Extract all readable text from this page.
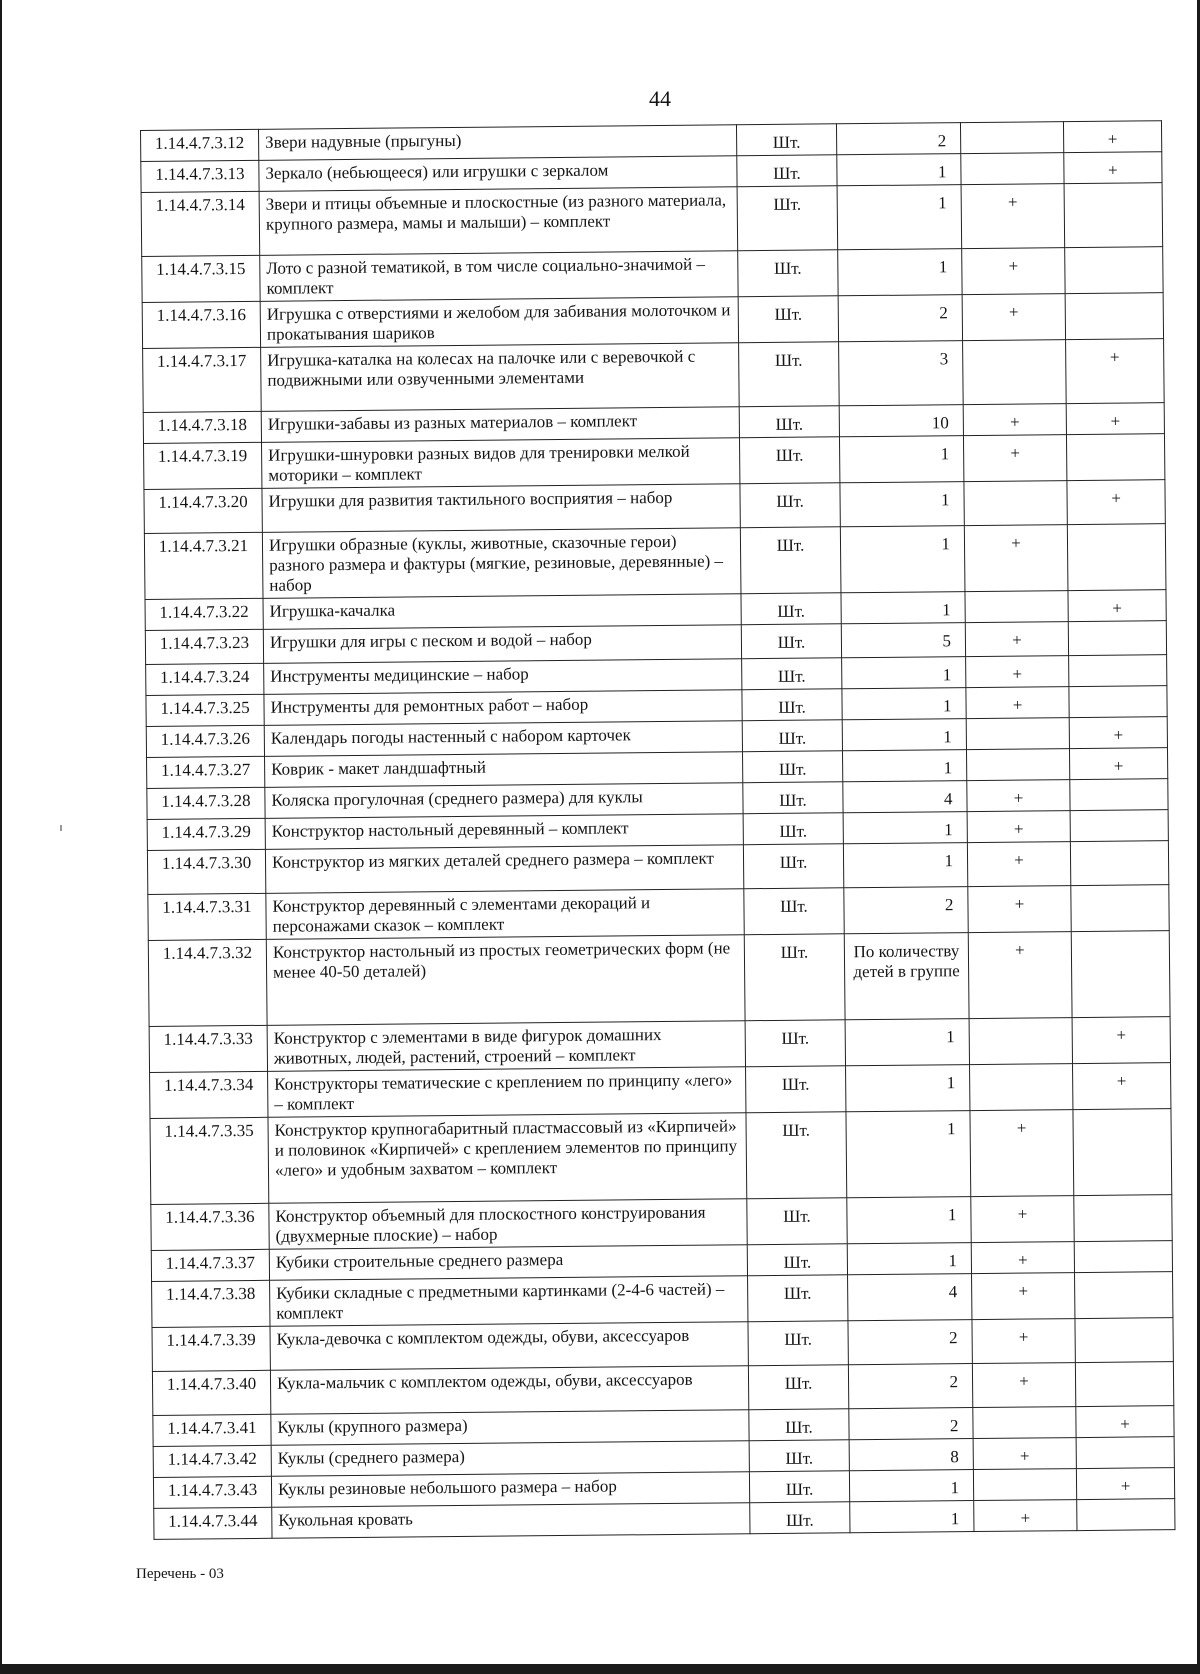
44
1.14.4.7.3.12	Звери надувные (прыгуны)	Шт.	2		+
1.14.4.7.3.13	Зеркало (небьющееся) или игрушки с зеркалом	Шт.	1		+
1.14.4.7.3.14	Звери и птицы объемные и плоскостные (из разного материала, крупного размера, мамы и малыши) – комплект	Шт.	1	+	
1.14.4.7.3.15	Лото с разной тематикой, в том числе социально-значимой – комплект	Шт.	1	+	
1.14.4.7.3.16	Игрушка с отверстиями и желобом для забивания молоточком и прокатывания шариков	Шт.	2	+	
1.14.4.7.3.17	Игрушка-каталка на колесах на палочке или с веревочкой с подвижными или озвученными элементами	Шт.	3		+
1.14.4.7.3.18	Игрушки-забавы из разных материалов – комплект	Шт.	10	+	+
1.14.4.7.3.19	Игрушки-шнуровки разных видов для тренировки мелкой моторики – комплект	Шт.	1	+	
1.14.4.7.3.20	Игрушки для развития тактильного восприятия – набор	Шт.	1		+
1.14.4.7.3.21	Игрушки образные (куклы, животные, сказочные герои) разного размера и фактуры (мягкие, резиновые, деревянные) – набор	Шт.	1	+	
1.14.4.7.3.22	Игрушка-качалка	Шт.	1		+
1.14.4.7.3.23	Игрушки для игры с песком и водой – набор	Шт.	5	+	
1.14.4.7.3.24	Инструменты медицинские – набор	Шт.	1	+	
1.14.4.7.3.25	Инструменты для ремонтных работ – набор	Шт.	1	+	
1.14.4.7.3.26	Календарь погоды настенный с набором карточек	Шт.	1		+
1.14.4.7.3.27	Коврик - макет ландшафтный	Шт.	1		+
1.14.4.7.3.28	Коляска прогулочная (среднего размера) для куклы	Шт.	4	+	
1.14.4.7.3.29	Конструктор настольный деревянный – комплект	Шт.	1	+	
1.14.4.7.3.30	Конструктор из мягких деталей среднего размера – комплект	Шт.	1	+	
1.14.4.7.3.31	Конструктор деревянный с элементами декораций и персонажами сказок – комплект	Шт.	2	+	
1.14.4.7.3.32	Конструктор настольный из простых геометрических форм (не менее 40-50 деталей)	Шт.	По количеству детей в группе	+	
1.14.4.7.3.33	Конструктор с элементами в виде фигурок домашних животных, людей, растений, строений – комплект	Шт.	1		+
1.14.4.7.3.34	Конструкторы тематические с креплением по принципу «лего» – комплект	Шт.	1		+
1.14.4.7.3.35	Конструктор крупногабаритный пластмассовый из «Кирпичей» и половинок «Кирпичей» с креплением элементов по принципу «лего» и удобным захватом – комплект	Шт.	1	+	
1.14.4.7.3.36	Конструктор объемный для плоскостного конструирования (двухмерные плоские) – набор	Шт.	1	+	
1.14.4.7.3.37	Кубики строительные среднего размера	Шт.	1	+	
1.14.4.7.3.38	Кубики складные с предметными картинками (2-4-6 частей) – комплект	Шт.	4	+	
1.14.4.7.3.39	Кукла-девочка с комплектом одежды, обуви, аксессуаров	Шт.	2	+	
1.14.4.7.3.40	Кукла-мальчик с комплектом одежды, обуви, аксессуаров	Шт.	2	+	
1.14.4.7.3.41	Куклы (крупного размера)	Шт.	2		+
1.14.4.7.3.42	Куклы (среднего размера)	Шт.	8	+	
1.14.4.7.3.43	Куклы резиновые небольшого размера – набор	Шт.	1		+
1.14.4.7.3.44	Кукольная кровать	Шт.	1	+	
Перечень - 03
